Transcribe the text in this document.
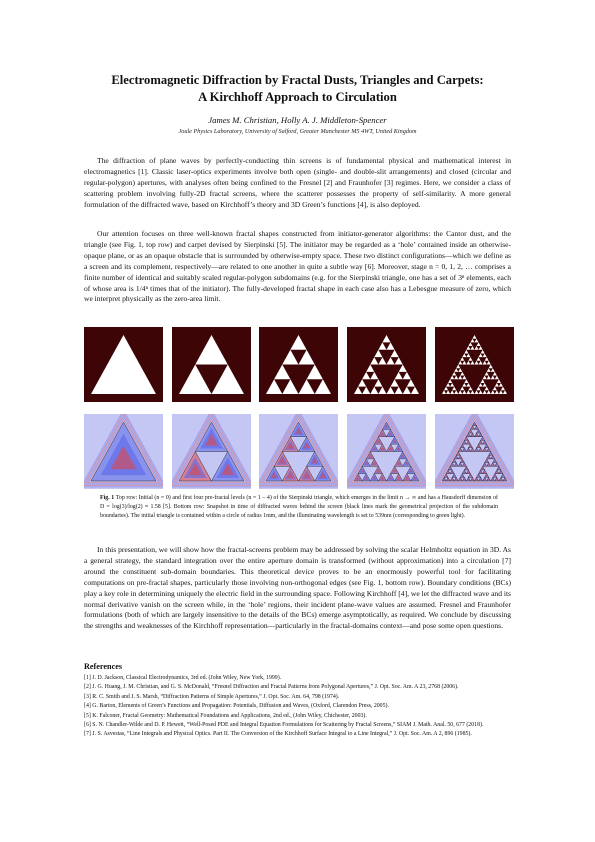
Electromagnetic Diffraction by Fractal Dusts, Triangles and Carpets:
A Kirchhoff Approach to Circulation
James M. Christian, Holly A. J. Middleton-Spencer
Joule Physics Laboratory, University of Salford, Greater Manchester M5 4WT, United Kingdom

The diffraction of plane waves by perfectly-conducting thin screens is of fundamental physical and mathematical interest in electromagnetics [1]. Classic laser-optics experiments involve both open (single- and double-slit arrangements) and closed (circular and regular-polygon) apertures, with analyses often being confined to the Fresnel [2] and Fraunhofer [3] regimes. Here, we consider a class of scattering problem involving fully-2D fractal screens, where the scatterer possesses the property of self-similarity. A more general formulation of the diffracted wave, based on Kirchhoff’s theory and 3D Green’s functions [4], is also deployed.

Our attention focuses on three well-known fractal shapes constructed from initiator-generator algorithms: the Cantor dust, and the triangle (see Fig. 1, top row) and carpet devised by Sierpinski [5]. The initiator may be regarded as a ‘hole’ contained inside an otherwise-opaque plane, or as an opaque obstacle that is surrounded by otherwise-empty space. These two distinct configurations—which we define as a screen and its complement, respectively—are related to one another in quite a subtle way [6]. Moreover, stage n = 0, 1, 2, … comprises a finite number of identical and suitably scaled regular-polygon subdomains (e.g. for the Sierpinski triangle, one has a set of 3ⁿ elements, each of whose area is 1/4ⁿ times that of the initiator). The fully-developed fractal shape in each case also has a Lebesgue measure of zero, which we interpret physically as the zero-area limit.

Fig. 1 Top row: Initial (n = 0) and first four pre-fractal levels (n = 1 – 4) of the Sierpinski triangle, which emerges in the limit n → ∞ and has a Hausdorff dimension of D = log(3)/log(2) ≈ 1.58 [5]. Bottom row: Snapshot in time of diffracted waves behind the screen (black lines mark the geometrical projection of the subdomain boundaries). The initial triangle is contained within a circle of radius 1mm, and the illuminating wavelength is set to 539nm (corresponding to green light).

In this presentation, we will show how the fractal-screens problem may be addressed by solving the scalar Helmholtz equation in 3D. As a general strategy, the standard integration over the entire aperture domain is transformed (without approximation) into a circulation [7] around the constituent sub-domain boundaries. This theoretical device proves to be an enormously powerful tool for facilitating computations on pre-fractal shapes, particularly those involving non-orthogonal edges (see Fig. 1, bottom row). Boundary conditions (BCs) play a key role in determining uniquely the electric field in the surrounding space. Following Kirchhoff [4], we let the diffracted wave and its normal derivative vanish on the screen while, in the ‘hole’ regions, their incident plane-wave values are assumed. Fresnel and Fraunhofer formulations (both of which are largely insensitive to the details of the BCs) emerge asymptotically, as required. We conclude by discussing the strengths and weaknesses of the Kirchhoff representation—particularly in the fractal-domains context—and pose some open questions.

References
[1] J. D. Jackson, Classical Electrodynamics, 3rd ed. (John Wiley, New York, 1999).
[2] J. G. Huang, J. M. Christian, and G. S. McDonald, “Fresnel Diffraction and Fractal Patterns from Polygonal Apertures,” J. Opt. Soc. Am. A 23, 2768 (2006).
[3] R. C. Smith and J. S. Marsh, “Diffraction Patterns of Simple Apertures,” J. Opt. Soc. Am. 64, 798 (1974).
[4] G. Barton, Elements of Green’s Functions and Propagation: Potentials, Diffusion and Waves, (Oxford, Clarendon Press, 2005).
[5] K. Falconer, Fractal Geometry: Mathematical Foundations and Applications, 2nd ed., (John Wiley, Chichester, 2003).
[6] S. N. Chandler-Wilde and D. P. Hewett, “Well-Posed PDE and Integral Equation Formulations for Scattering by Fractal Screens,” SIAM J. Math. Anal. 50, 677 (2018).
[7] J. S. Asvestas, “Line Integrals and Physical Optics. Part II. The Conversion of the Kirchhoff Surface Integral to a Line Integral,” J. Opt. Soc. Am. A 2, 896 (1985).
